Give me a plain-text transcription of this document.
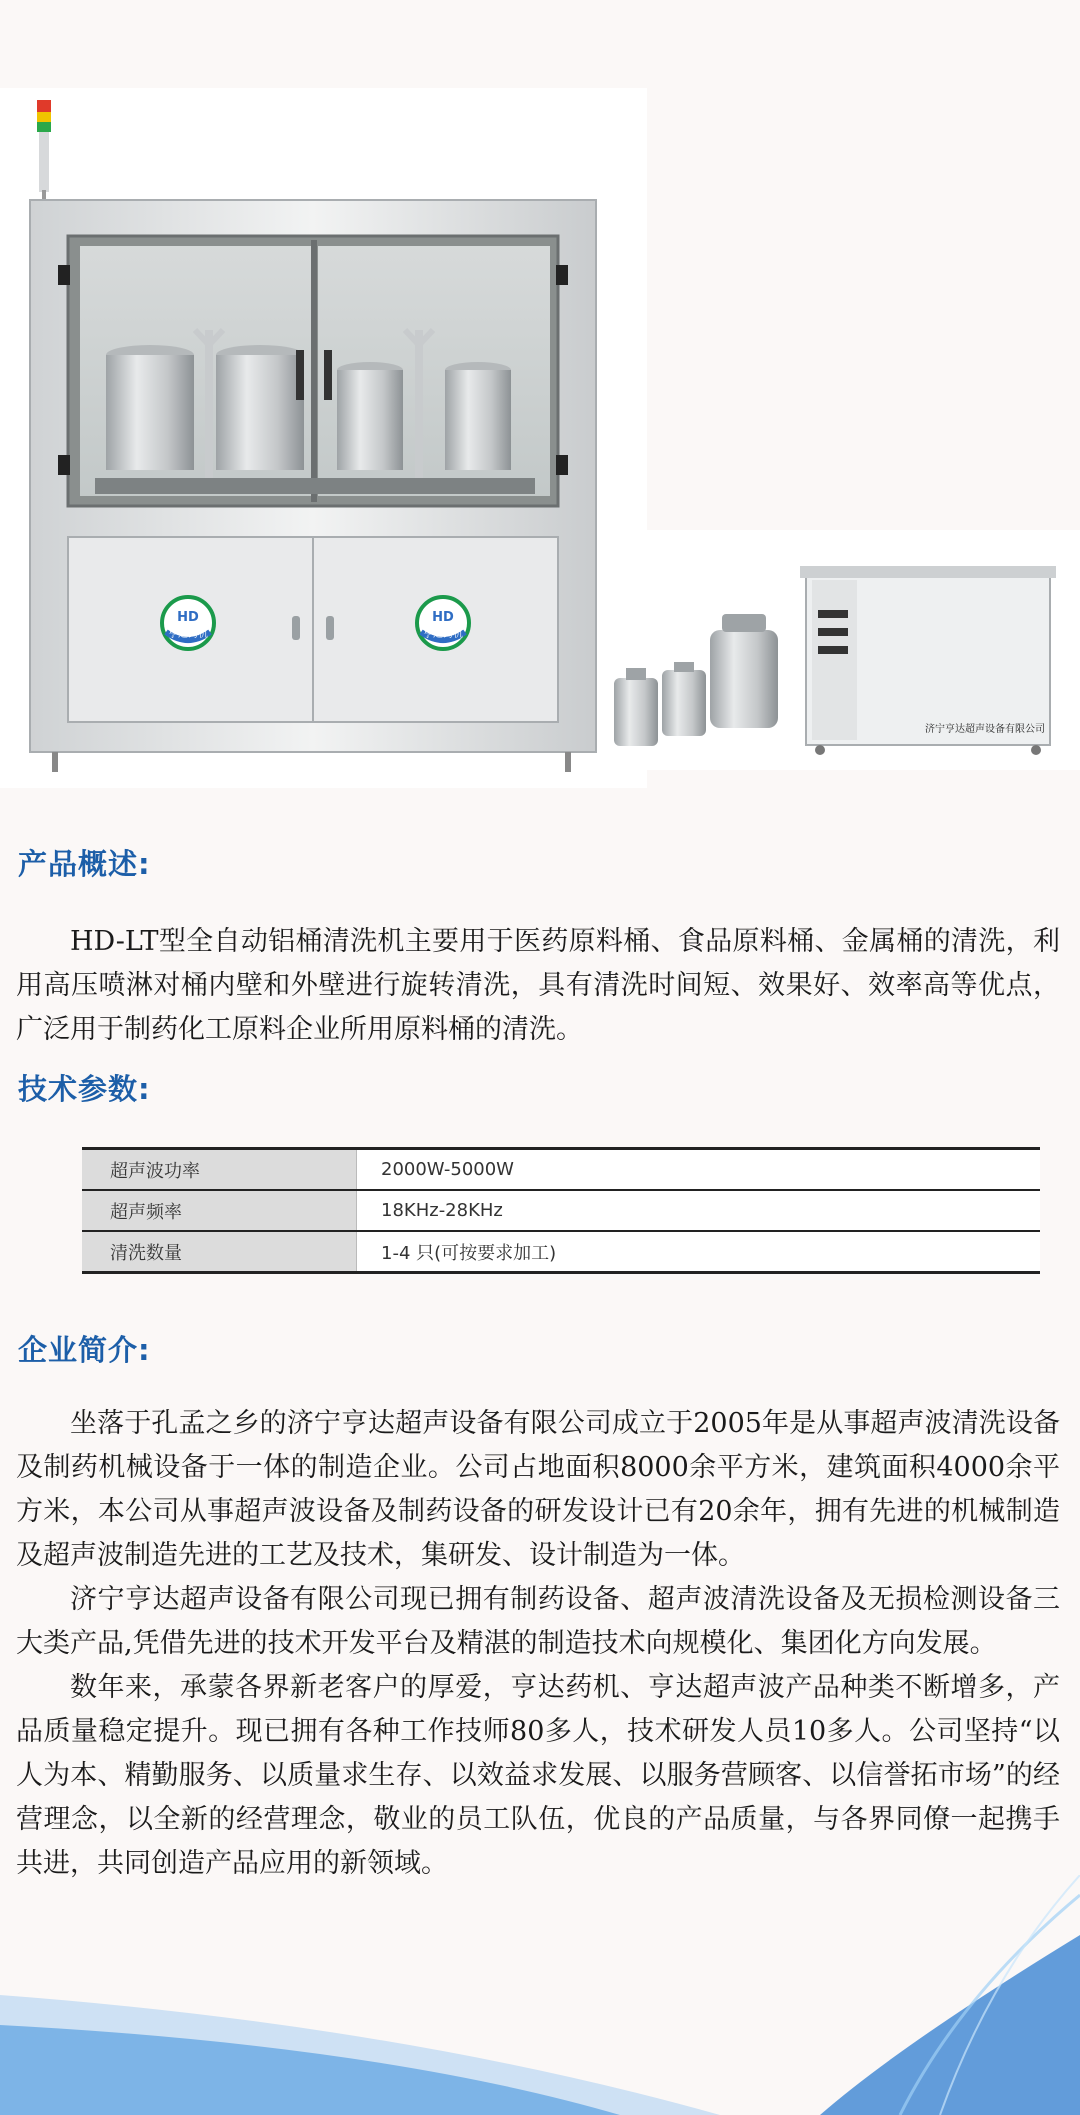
HD
亨达药机
HD
亨达药机
济宁亨达超声设备有限公司
产品概述:

HD-LT型全自动铝桶清洗机主要用于医药原料桶、食品原料桶、金属桶的清洗，利用高压喷淋对桶内壁和外壁进行旋转清洗，具有清洗时间短、效果好、效率高等优点，广泛用于制药化工原料企业所用原料桶的清洗。

技术参数:
超声波功率	2000W-5000W
超声频率	18KHz-28KHz
清洗数量	1-4 只(可按要求加工)
企业简介:

坐落于孔孟之乡的济宁亨达超声设备有限公司成立于2005年是从事超声波清洗设备及制药机械设备于一体的制造企业。公司占地面积8000余平方米，建筑面积4000余平方米，本公司从事超声波设备及制药设备的研发设计已有20余年，拥有先进的机械制造及超声波制造先进的工艺及技术，集研发、设计制造为一体。

济宁亨达超声设备有限公司现已拥有制药设备、超声波清洗设备及无损检测设备三大类产品,凭借先进的技术开发平台及精湛的制造技术向规模化、集团化方向发展。

数年来，承蒙各界新老客户的厚爱，亨达药机、亨达超声波产品种类不断增多，产品质量稳定提升。现已拥有各种工作技师80多人，技术研发人员10多人。公司坚持“以人为本、精勤服务、以质量求生存、以效益求发展、以服务营顾客、以信誉拓市场”的经营理念，以全新的经营理念，敬业的员工队伍，优良的产品质量，与各界同僚一起携手共进，共同创造产品应用的新领域。
